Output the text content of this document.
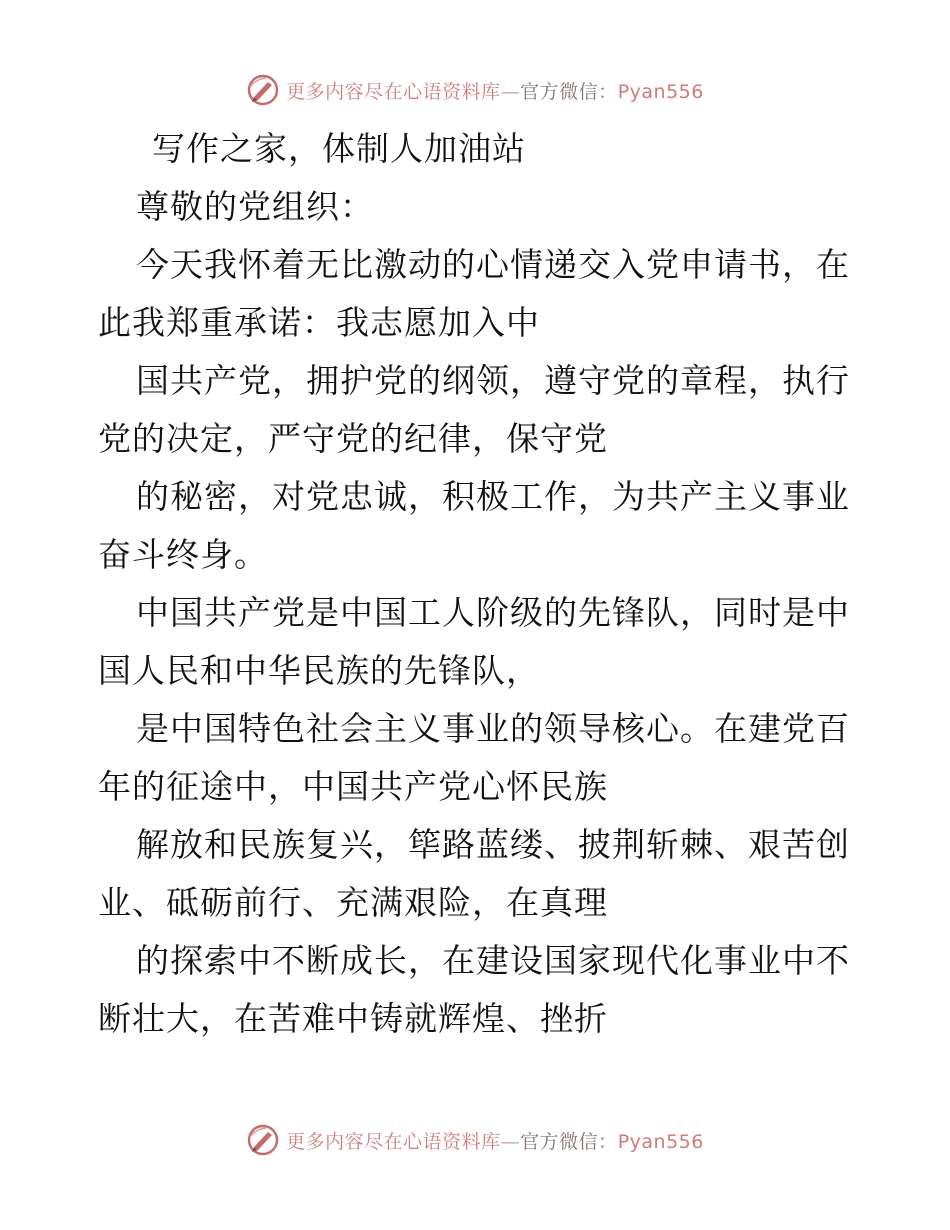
更多内容尽在心语资料库—官方微信：Pyan556
写作之家，体制人加油站
尊敬的党组织：
今天我怀着无比激动的心情递交入党申请书，在
此我郑重承诺：我志愿加入中
国共产党，拥护党的纲领，遵守党的章程，执行
党的决定，严守党的纪律，保守党
的秘密，对党忠诚，积极工作，为共产主义事业
奋斗终身。
中国共产党是中国工人阶级的先锋队，同时是中
国人民和中华民族的先锋队，
是中国特色社会主义事业的领导核心。在建党百
年的征途中，中国共产党心怀民族
解放和民族复兴，筚路蓝缕、披荆斩棘、艰苦创
业、砥砺前行、充满艰险，在真理
的探索中不断成长，在建设国家现代化事业中不
断壮大，在苦难中铸就辉煌、挫折
更多内容尽在心语资料库—官方微信：Pyan556
